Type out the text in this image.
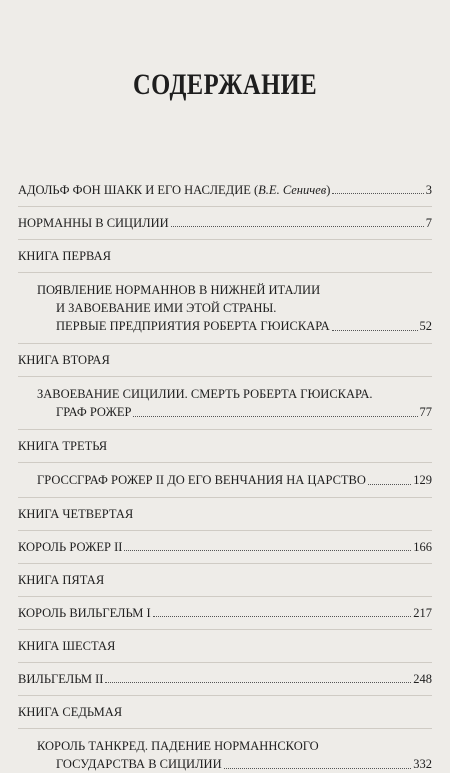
СОДЕРЖАНИЕ
АДОЛЬФ ФОН ШАКК И ЕГО НАСЛЕДИЕ (В.Е. Сеничев)	3
НОРМАННЫ В СИЦИЛИИ	7
КНИГА ПЕРВАЯ
ПОЯВЛЕНИЕ НОРМАННОВ В НИЖНЕЙ ИТАЛИИ
И ЗАВОЕВАНИЕ ИМИ ЭТОЙ СТРАНЫ.
ПЕРВЫЕ ПРЕДПРИЯТИЯ РОБЕРТА ГЮИСКАРА	52
КНИГА ВТОРАЯ
ЗАВОЕВАНИЕ СИЦИЛИИ. СМЕРТЬ РОБЕРТА ГЮИСКАРА.
ГРАФ РОЖЕР	77
КНИГА ТРЕТЬЯ
ГРОССГРАФ РОЖЕР II ДО ЕГО ВЕНЧАНИЯ НА ЦАРСТВО	129
КНИГА ЧЕТВЕРТАЯ
КОРОЛЬ РОЖЕР II	166
КНИГА ПЯТАЯ
КОРОЛЬ ВИЛЬГЕЛЬМ I	217
КНИГА ШЕСТАЯ
ВИЛЬГЕЛЬМ II	248
КНИГА СЕДЬМАЯ
КОРОЛЬ ТАНКРЕД. ПАДЕНИЕ НОРМАННСКОГО
ГОСУДАРСТВА В СИЦИЛИИ	332
